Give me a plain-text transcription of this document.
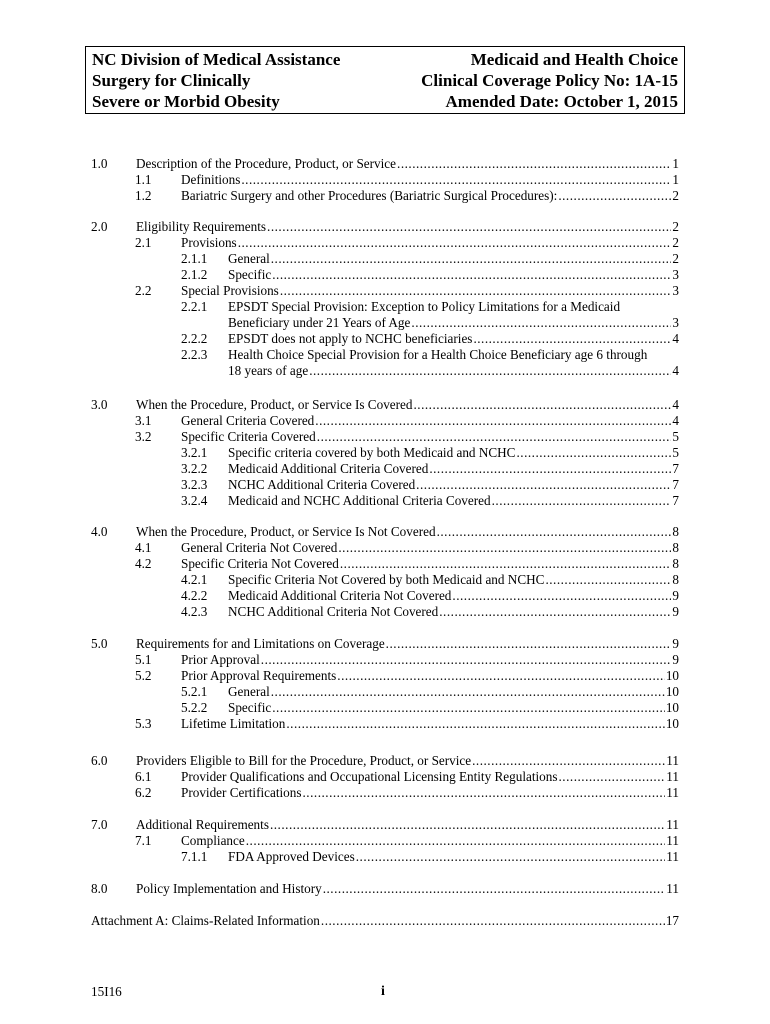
NC Division of Medical Assistance
Surgery for Clinically
Severe or Morbid Obesity
Medicaid and Health Choice
Clinical Coverage Policy No: 1A-15
Amended Date: October 1, 2015
1.0 Description of the Procedure, Product, or Service .....	1
1.1 Definitions .....	1
1.2 Bariatric Surgery and other Procedures (Bariatric Surgical Procedures): .....	2
2.0 Eligibility Requirements .....	2
2.1 Provisions .....	2
2.1.1 General .....	2
2.1.2 Specific .....	3
2.2 Special Provisions .....	3
2.2.1 EPSDT Special Provision: Exception to Policy Limitations for a Medicaid
Beneficiary under 21 Years of Age .....	3
2.2.2 EPSDT does not apply to NCHC beneficiaries .....	4
2.2.3 Health Choice Special Provision for a Health Choice Beneficiary age 6 through
18 years of age .....	4
3.0 When the Procedure, Product, or Service Is Covered .....	4
3.1 General Criteria Covered .....	4
3.2 Specific Criteria Covered .....	5
3.2.1 Specific criteria covered by both Medicaid and NCHC .....	5
3.2.2 Medicaid Additional Criteria Covered .....	7
3.2.3 NCHC Additional Criteria Covered .....	7
3.2.4 Medicaid and NCHC Additional Criteria Covered .....	7
4.0 When the Procedure, Product, or Service Is Not Covered .....	8
4.1 General Criteria Not Covered .....	8
4.2 Specific Criteria Not Covered .....	8
4.2.1 Specific Criteria Not Covered by both Medicaid and NCHC .....	8
4.2.2 Medicaid Additional Criteria Not Covered .....	9
4.2.3 NCHC Additional Criteria Not Covered .....	9
5.0 Requirements for and Limitations on Coverage .....	9
5.1 Prior Approval .....	9
5.2 Prior Approval Requirements .....	10
5.2.1 General .....	10
5.2.2 Specific .....	10
5.3 Lifetime Limitation .....	10
6.0 Providers Eligible to Bill for the Procedure, Product, or Service .....	11
6.1 Provider Qualifications and Occupational Licensing Entity Regulations .....	11
6.2 Provider Certifications .....	11
7.0 Additional Requirements .....	11
7.1 Compliance .....	11
7.1.1 FDA Approved Devices .....	11
8.0 Policy Implementation and History .....	11
Attachment A: Claims-Related Information .....	17
15I16	i
